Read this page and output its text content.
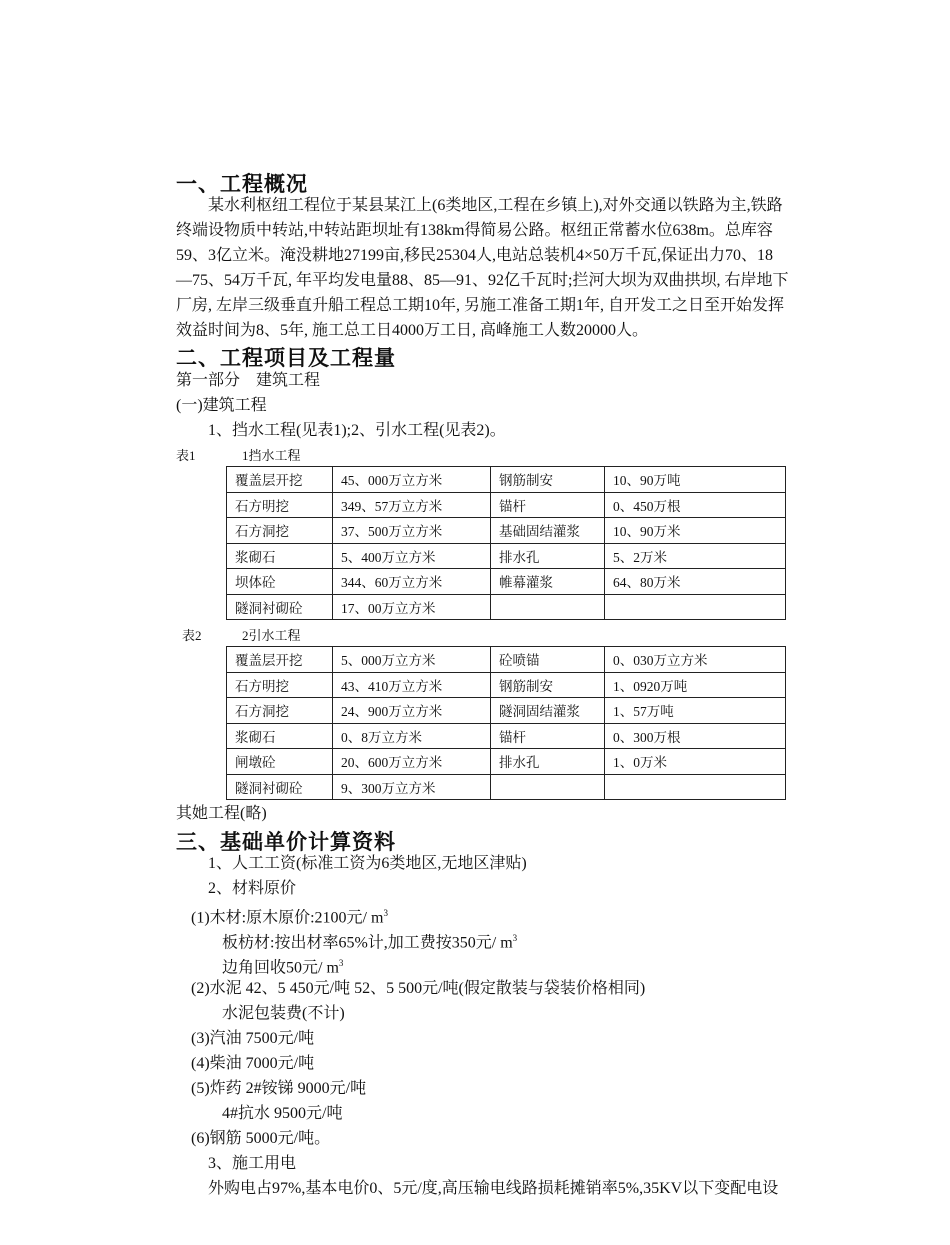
一、工程概况
　　某水利枢纽工程位于某县某江上(6类地区,工程在乡镇上),对外交通以铁路为主,铁路
终端设物质中转站,中转站距坝址有138km得简易公路。枢纽正常蓄水位638m。总库容
59、3亿立米。淹没耕地27199亩,移民25304人,电站总装机4×50万千瓦,保证出力70、18
—75、54万千瓦, 年平均发电量88、85—91、92亿千瓦时;拦河大坝为双曲拱坝, 右岸地下
厂房, 左岸三级垂直升船工程总工期10年, 另施工准备工期1年, 自开发工之日至开始发挥
效益时间为8、5年, 施工总工日4000万工日, 高峰施工人数20000人。
二、工程项目及工程量
第一部分　建筑工程
(一)建筑工程
1、挡水工程(见表1);2、引水工程(见表2)。
表1	1挡水工程
覆盖层开挖	45、000万立方米	钢筋制安	10、90万吨
石方明挖	349、57万立方米	锚杆	0、450万根
石方洞挖	37、500万立方米	基础固结灌浆	10、90万米
浆砌石	5、400万立方米	排水孔	5、2万米
坝体砼	344、60万立方米	帷幕灌浆	64、80万米
隧洞衬砌砼	17、00万立方米		
表2	2引水工程
覆盖层开挖	5、000万立方米	砼喷锚	0、030万立方米
石方明挖	43、410万立方米	钢筋制安	1、0920万吨
石方洞挖	24、900万立方米	隧洞固结灌浆	1、57万吨
浆砌石	0、8万立方米	锚杆	0、300万根
闸墩砼	20、600万立方米	排水孔	1、0万米
隧洞衬砌砼	9、300万立方米		
其她工程(略)
三、基础单价计算资料
1、人工工资(标准工资为6类地区,无地区津贴)
2、材料原价
(1)木材:原木原价:2100元/ $m^3$
板枋材:按出材率65%计,加工费按350元/ $m^3$
边角回收50元/ $m^3$
(2)水泥 42、5 450元/吨 52、5 500元/吨(假定散装与袋装价格相同)
水泥包装费(不计)
(3)汽油 7500元/吨
(4)柴油 7000元/吨
(5)炸药 2#铵锑 9000元/吨
4#抗水 9500元/吨
(6)钢筋 5000元/吨。
3、施工用电
外购电占97%,基本电价0、5元/度,高压输电线路损耗摊销率5%,35KV以下变配电设
